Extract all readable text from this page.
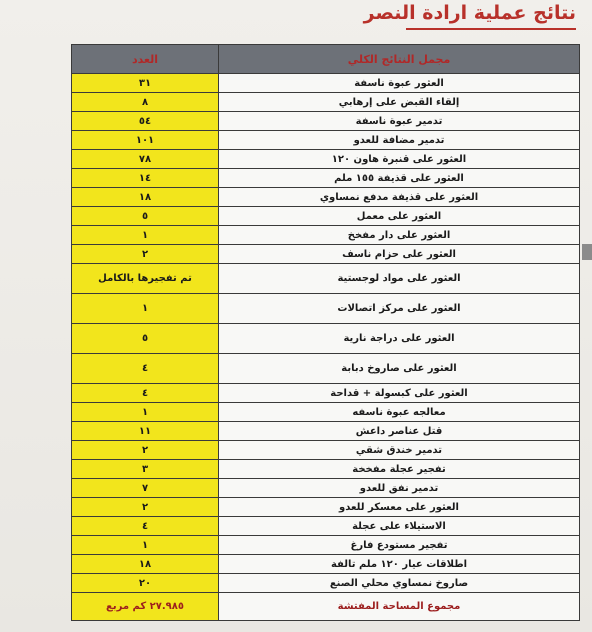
نتائج عملية ارادة النصر
مجمل النتائج الكلي	العدد
العثور عبوة ناسفة	٣١
إلقاء القبض على إرهابي	٨
تدمير عبوة ناسفة	٥٤
تدمير مضافة للعدو	١٠١
العثور على قنبرة هاون ١٢٠	٧٨
العثور على قذيفة ١٥٥ ملم	١٤
العثور على قذيفة مدفع نمساوي	١٨
العثور على معمل	٥
العثور على دار مفخخ	١
العثور على حزام ناسف	٢
العثور على مواد لوجستية	تم تفجيرها بالكامل
العثور على مركز اتصالات	١
العثور على دراجة نارية	٥
العثور على صاروخ دبابة	٤
العثور على كبسولة + قداحة	٤
معالجه عبوة ناسفه	١
قتل عناصر داعش	١١
تدمير خندق شقي	٢
تفجير عجلة مفخخة	٣
تدمير نفق للعدو	٧
العثور على معسكر للعدو	٢
الاستيلاء على عجلة	٤
تفجير مستودع فارغ	١
اطلاقات عيار ١٢٠ ملم تالفة	١٨
صاروخ نمساوي محلي الصنع	٢٠
مجموع المساحة المفتشة	٢٧.٩٨٥ كم مربع
